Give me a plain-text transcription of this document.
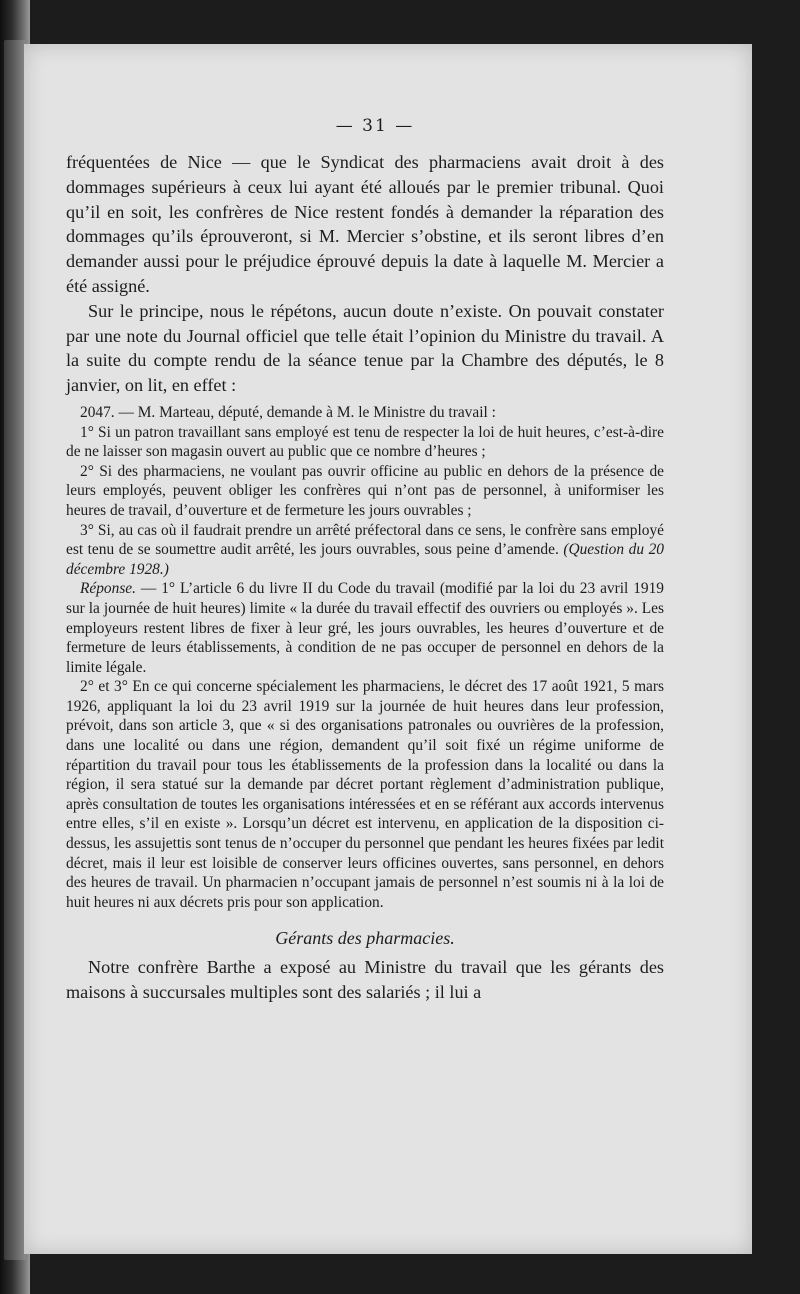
— 31 —

fréquentées de Nice — que le Syndicat des pharmaciens avait droit à des dommages supérieurs à ceux lui ayant été alloués par le premier tribunal. Quoi qu’il en soit, les confrères de Nice restent fondés à demander la réparation des dommages qu’ils éprouveront, si M. Mercier s’obstine, et ils seront libres d’en demander aussi pour le préjudice éprouvé depuis la date à laquelle M. Mercier a été assigné.

Sur le principe, nous le répétons, aucun doute n’existe. On pouvait constater par une note du Journal officiel que telle était l’opinion du Ministre du travail. A la suite du compte rendu de la séance tenue par la Chambre des députés, le 8 janvier, on lit, en effet :

2047. — M. Marteau, député, demande à M. le Ministre du travail :

1° Si un patron travaillant sans employé est tenu de respecter la loi de huit heures, c’est-à-dire de ne laisser son magasin ouvert au public que ce nombre d’heures ;

2° Si des pharmaciens, ne voulant pas ouvrir officine au public en dehors de la présence de leurs employés, peuvent obliger les confrères qui n’ont pas de personnel, à uniformiser les heures de travail, d’ouverture et de fermeture les jours ouvrables ;

3° Si, au cas où il faudrait prendre un arrêté préfectoral dans ce sens, le confrère sans employé est tenu de se soumettre audit arrêté, les jours ouvrables, sous peine d’amende. (Question du 20 décembre 1928.)

Réponse. — 1° L’article 6 du livre II du Code du travail (modifié par la loi du 23 avril 1919 sur la journée de huit heures) limite « la durée du travail effectif des ouvriers ou employés ». Les employeurs restent libres de fixer à leur gré, les jours ouvrables, les heures d’ouverture et de fermeture de leurs établissements, à condition de ne pas occuper de personnel en dehors de la limite légale.

2° et 3° En ce qui concerne spécialement les pharmaciens, le décret des 17 août 1921, 5 mars 1926, appliquant la loi du 23 avril 1919 sur la journée de huit heures dans leur profession, prévoit, dans son article 3, que « si des organisations patronales ou ouvrières de la profession, dans une localité ou dans une région, demandent qu’il soit fixé un régime uniforme de répartition du travail pour tous les établissements de la profession dans la localité ou dans la région, il sera statué sur la demande par décret portant règlement d’administration publique, après consultation de toutes les organisations intéressées et en se référant aux accords intervenus entre elles, s’il en existe ». Lorsqu’un décret est intervenu, en application de la disposition ci-dessus, les assujettis sont tenus de n’occuper du personnel que pendant les heures fixées par ledit décret, mais il leur est loisible de conserver leurs officines ouvertes, sans personnel, en dehors des heures de travail. Un pharmacien n’occupant jamais de personnel n’est soumis ni à la loi de huit heures ni aux décrets pris pour son application.

Gérants des pharmacies.

Notre confrère Barthe a exposé au Ministre du travail que les gérants des maisons à succursales multiples sont des salariés ; il lui a
